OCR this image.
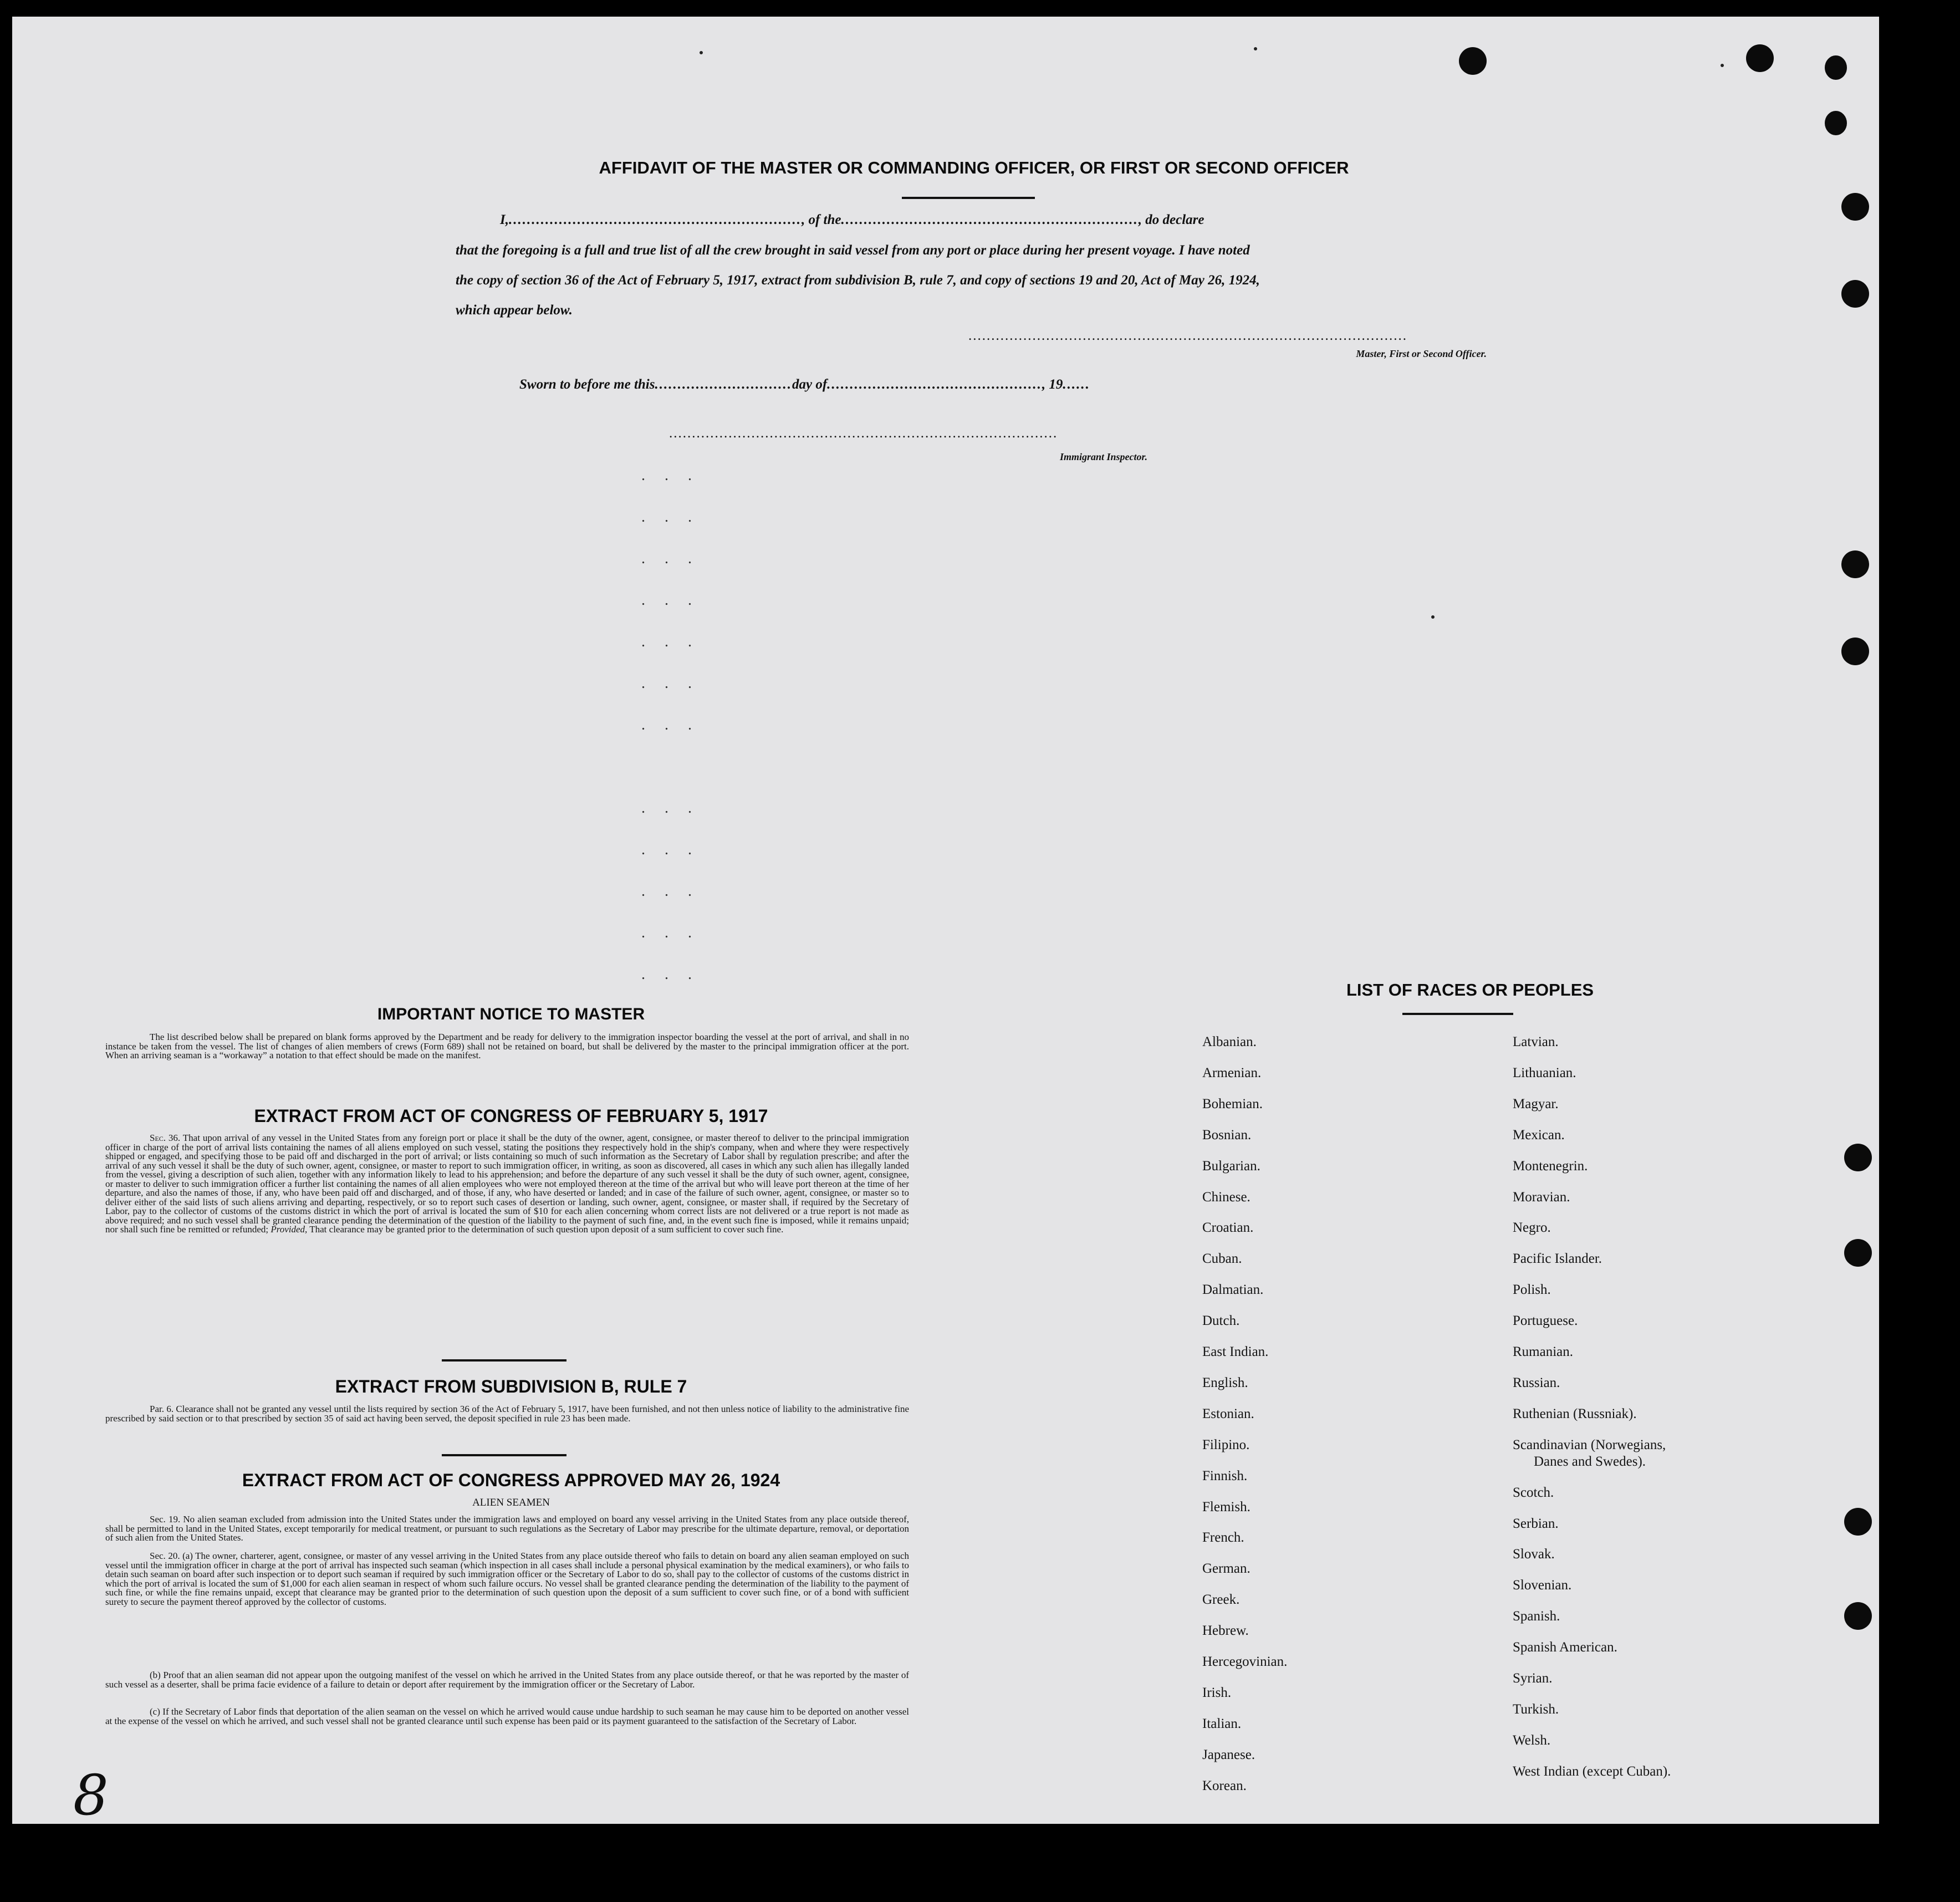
AFFIDAVIT OF THE MASTER OR COMMANDING OFFICER, OR FIRST OR SECOND OFFICER
I,................................................................, of the................................................................., do declare
that the foregoing is a full and true list of all the crew brought in said vessel from any port or place during her present voyage. I have noted
the copy of section 36 of the Act of February 5, 1917, extract from subdivision B, rule 7, and copy of sections 19 and 20, Act of May 26, 1924,
which appear below.
................................................................................................
Master, First or Second Officer.
Sworn to before me this..............................day of..............................................., 19......
.....................................................................................
Immigrant Inspector.
. . .
. . .
. . .
. . .
. . .
. . .
. . .

. . .
. . .
. . .
. . .
. . .
IMPORTANT NOTICE TO MASTER
The list described below shall be prepared on blank forms approved by the Department and be ready for delivery to the immigration inspector boarding the vessel at the port of arrival, and shall in no instance be taken from the vessel. The list of changes of alien members of crews (Form 689) shall not be retained on board, but shall be delivered by the master to the principal immigration officer at the port. When an arriving seaman is a “workaway” a notation to that effect should be made on the manifest.
EXTRACT FROM ACT OF CONGRESS OF FEBRUARY 5, 1917
Sec. 36. That upon arrival of any vessel in the United States from any foreign port or place it shall be the duty of the owner, agent, consignee, or master thereof to deliver to the principal immigration officer in charge of the port of arrival lists containing the names of all aliens employed on such vessel, stating the positions they respectively hold in the ship's company, when and where they were respectively shipped or engaged, and specifying those to be paid off and discharged in the port of arrival; or lists containing so much of such information as the Secretary of Labor shall by regulation prescribe; and after the arrival of any such vessel it shall be the duty of such owner, agent, consignee, or master to report to such immigration officer, in writing, as soon as discovered, all cases in which any such alien has illegally landed from the vessel, giving a description of such alien, together with any information likely to lead to his apprehension; and before the departure of any such vessel it shall be the duty of such owner, agent, consignee, or master to deliver to such immigration officer a further list containing the names of all alien employees who were not employed thereon at the time of the arrival but who will leave port thereon at the time of her departure, and also the names of those, if any, who have been paid off and discharged, and of those, if any, who have deserted or landed; and in case of the failure of such owner, agent, consignee, or master so to deliver either of the said lists of such aliens arriving and departing, respectively, or so to report such cases of desertion or landing, such owner, agent, consignee, or master shall, if required by the Secretary of Labor, pay to the collector of customs of the customs district in which the port of arrival is located the sum of $10 for each alien concerning whom correct lists are not delivered or a true report is not made as above required; and no such vessel shall be granted clearance pending the determination of the question of the liability to the payment of such fine, and, in the event such fine is imposed, while it remains unpaid; nor shall such fine be remitted or refunded; Provided, That clearance may be granted prior to the determination of such question upon deposit of a sum sufficient to cover such fine.
EXTRACT FROM SUBDIVISION B, RULE 7
Par. 6. Clearance shall not be granted any vessel until the lists required by section 36 of the Act of February 5, 1917, have been furnished, and not then unless notice of liability to the administrative fine prescribed by said section or to that prescribed by section 35 of said act having been served, the deposit specified in rule 23 has been made.
EXTRACT FROM ACT OF CONGRESS APPROVED MAY 26, 1924
ALIEN SEAMEN
Sec. 19. No alien seaman excluded from admission into the United States under the immigration laws and employed on board any vessel arriving in the United States from any place outside thereof, shall be permitted to land in the United States, except temporarily for medical treatment, or pursuant to such regulations as the Secretary of Labor may prescribe for the ultimate departure, removal, or deportation of such alien from the United States.
Sec. 20. (a) The owner, charterer, agent, consignee, or master of any vessel arriving in the United States from any place outside thereof who fails to detain on board any alien seaman employed on such vessel until the immigration officer in charge at the port of arrival has inspected such seaman (which inspection in all cases shall include a personal physical examination by the medical examiners), or who fails to detain such seaman on board after such inspection or to deport such seaman if required by such immigration officer or the Secretary of Labor to do so, shall pay to the collector of customs of the customs district in which the port of arrival is located the sum of $1,000 for each alien seaman in respect of whom such failure occurs. No vessel shall be granted clearance pending the determination of the liability to the payment of such fine, or while the fine remains unpaid, except that clearance may be granted prior to the determination of such question upon the deposit of a sum sufficient to cover such fine, or of a bond with sufficient surety to secure the payment thereof approved by the collector of customs.
(b) Proof that an alien seaman did not appear upon the outgoing manifest of the vessel on which he arrived in the United States from any place outside thereof, or that he was reported by the master of such vessel as a deserter, shall be prima facie evidence of a failure to detain or deport after requirement by the immigration officer or the Secretary of Labor.
(c) If the Secretary of Labor finds that deportation of the alien seaman on the vessel on which he arrived would cause undue hardship to such seaman he may cause him to be deported on another vessel at the expense of the vessel on which he arrived, and such vessel shall not be granted clearance until such expense has been paid or its payment guaranteed to the satisfaction of the Secretary of Labor.
LIST OF RACES OR PEOPLES
8
Albanian.
Armenian.
Bohemian.
Bosnian.
Bulgarian.
Chinese.
Croatian.
Cuban.
Dalmatian.
Dutch.
East Indian.
English.
Estonian.
Filipino.
Finnish.
Flemish.
French.
German.
Greek.
Hebrew.
Hercegovinian.
Irish.
Italian.
Japanese.
Korean.
Latvian.
Lithuanian.
Magyar.
Mexican.
Montenegrin.
Moravian.
Negro.
Pacific Islander.
Polish.
Portuguese.
Rumanian.
Russian.
Ruthenian (Russniak).
Scandinavian (Norwegians,
Danes and Swedes).
Scotch.
Serbian.
Slovak.
Slovenian.
Spanish.
Spanish American.
Syrian.
Turkish.
Welsh.
West Indian (except Cuban).
